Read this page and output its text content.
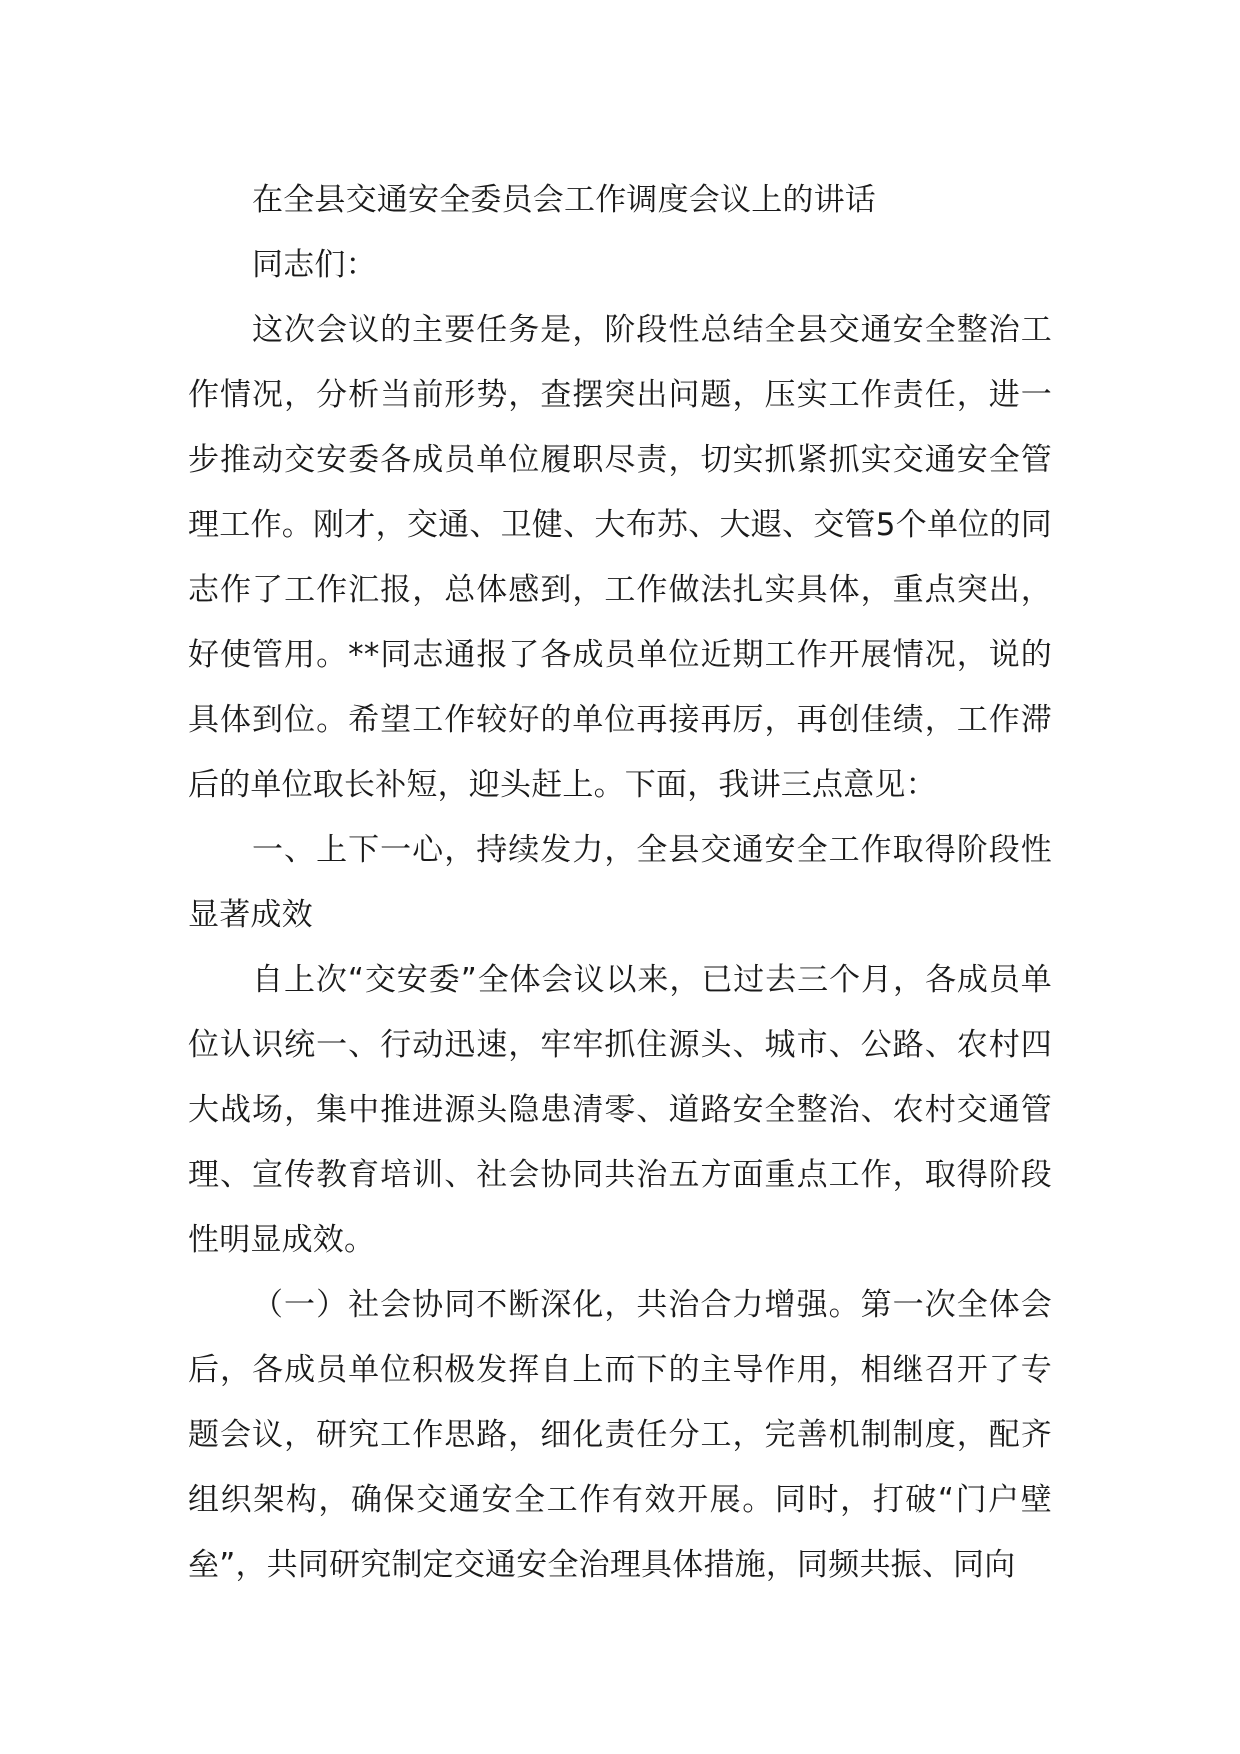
在全县交通安全委员会工作调度会议上的讲话

同志们：

这次会议的主要任务是，阶段性总结全县交通安全整治工作情况，分析当前形势，查摆突出问题，压实工作责任，进一步推动交安委各成员单位履职尽责，切实抓紧抓实交通安全管理工作。刚才，交通、卫健、大布苏、大遐、交管5个单位的同志作了工作汇报，总体感到，工作做法扎实具体，重点突出，好使管用。**同志通报了各成员单位近期工作开展情况，说的具体到位。希望工作较好的单位再接再厉，再创佳绩，工作滞后的单位取长补短，迎头赶上。下面，我讲三点意见：

一、上下一心，持续发力，全县交通安全工作取得阶段性显著成效

自上次“交安委”全体会议以来，已过去三个月，各成员单位认识统一、行动迅速，牢牢抓住源头、城市、公路、农村四大战场，集中推进源头隐患清零、道路安全整治、农村交通管理、宣传教育培训、社会协同共治五方面重点工作，取得阶段性明显成效。

（一）社会协同不断深化，共治合力增强。第一次全体会后，各成员单位积极发挥自上而下的主导作用，相继召开了专题会议，研究工作思路，细化责任分工，完善机制制度，配齐组织架构，确保交通安全工作有效开展。同时，打破“门户壁垒”，共同研究制定交通安全治理具体措施，同频共振、同向
